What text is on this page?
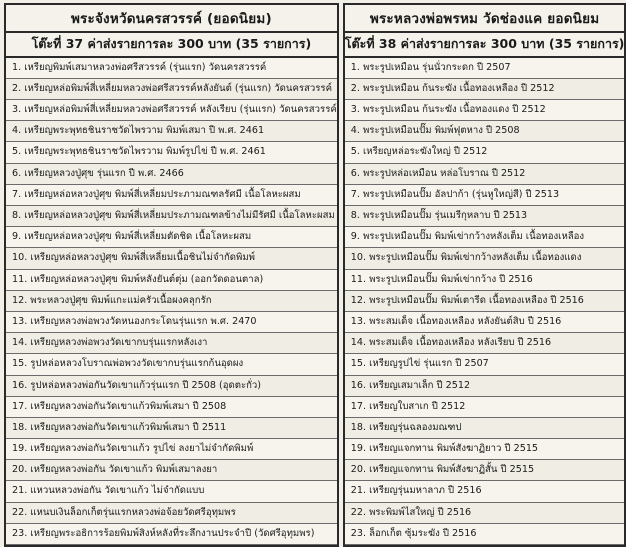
พระจังหวัดนครสวรรค์ (ยอดนิยม)
โต๊ะที่ 37 ค่าส่งรายการละ 300 บาท (35 รายการ)
1. เหรียญพิมพ์เสมาหลวงพ่อศรีสวรรค์ (รุ่นแรก) วัดนครสวรรค์
2. เหรียญหล่อพิมพ์สี่เหลี่ยมหลวงพ่อศรีสวรรค์หลังยันต์ (รุ่นแรก) วัดนครสวรรค์
3. เหรียญหล่อพิมพ์สี่เหลี่ยมหลวงพ่อศรีสวรรค์ หลังเรียบ (รุ่นแรก) วัดนครสวรรค์
4. เหรียญพระพุทธชินราชวัดไพรวาม พิมพ์เสมา ปี พ.ศ. 2461
5. เหรียญพระพุทธชินราชวัดไพรวาม พิมพ์รูปไข่ ปี พ.ศ. 2461
6. เหรียญหลวงปู่ศุข รุ่นแรก ปี พ.ศ. 2466
7. เหรียญหล่อหลวงปู่ศุข พิมพ์สี่เหลี่ยมประภามณฑลรัศมี เนื้อโลหะผสม
8. เหรียญหล่อหลวงปู่ศุข พิมพ์สี่เหลี่ยมประภามณฑลข้างไม่มีรัศมี เนื้อโลหะผสม
9. เหรียญหล่อหลวงปู่ศุข พิมพ์สี่เหลี่ยมตัดชิด เนื้อโลหะผสม
10. เหรียญหล่อหลวงปู่ศุข พิมพ์สี่เหลี่ยมเนื้อชินไม่จำกัดพิมพ์
11. เหรียญหล่อหลวงปู่ศุข พิมพ์หลังยันต์ตุ่ม (ออกวัดดอนตาล)
12. พระหลวงปู่ศุข พิมพ์แกะแม่ครัวเนื้อผงคลุกรัก
13. เหรียญหลวงพ่อพวงวัดหนองกระโดนรุ่นแรก พ.ศ. 2470
14. เหรียญหลวงพ่อพวงวัดเขากบรุ่นแรกหลังเงา
15. รูปหล่อหลวงโบราณพ่อพวงวัดเขากบรุ่นแรกก้นอุดผง
16. รูปหล่อหลวงพ่อกันวัดเขาแก้วรุ่นแรก ปี 2508 (อุดตะกั่ว)
17. เหรียญหลวงพ่อกันวัดเขาแก้วพิมพ์เสมา ปี 2508
18. เหรียญหลวงพ่อกันวัดเขาแก้วพิมพ์เสมา ปี 2511
19. เหรียญหลวงพ่อกันวัดเขาแก้ว รูปไข่ ลงยาไม่จำกัดพิมพ์
20. เหรียญหลวงพ่อกัน วัดเขาแก้ว พิมพ์เสมาลงยา
21. แหวนหลวงพ่อกัน วัดเขาแก้ว ไม่จำกัดแบบ
22. แหนบเงินล็อกเก็ตรุ่นแรกหลวงพ่อจ้อยวัดศรีอุทุมพร
23. เหรียญพระอธิการร้อยพิมพ์สิงห์หลังที่ระลึกงานประจำปี (วัดศรีอุทุมพร)
พระหลวงพ่อพรหม วัดช่องแค ยอดนิยม
โต๊ะที่ 38 ค่าส่งรายการละ 300 บาท (35 รายการ)
1. พระรูปเหมือน รุ่นนั่วกระดก ปี 2507
2. พระรูปเหมือน ก้นระฆัง เนื้อทองเหลือง ปี 2512
3. พระรูปเหมือน ก้นระฆัง เนื้อทองแดง ปี 2512
4. พระรูปเหมือนปั๊ม พิมพ์ฟุตหาง ปี 2508
5. เหรียญหล่อระฆังใหญ่ ปี 2512
6. พระรูปหล่อเหมือน หล่อโบราณ ปี 2512
7. พระรูปเหมือนปั๊ม อัลปาก้า (รุ่นหูใหญ่สี) ปี 2513
8. พระรูปเหมือนปั๊ม รุ่นเมรีกุหลาบ ปี 2513
9. พระรูปเหมือนปั๊ม พิมพ์เข่ากว้างหลังเต็ม เนื้อทองเหลือง
10. พระรูปเหมือนปั๊ม พิมพ์เข่ากว้างหลังเต็ม เนื้อทองแดง
11. พระรูปเหมือนปั๊ม พิมพ์เข่ากว้าง ปี 2516
12. พระรูปเหมือนปั๊ม พิมพ์เตารีด เนื้อทองเหลือง ปี 2516
13. พระสมเด็จ เนื้อทองเหลือง หลังยันต์สิบ ปี 2516
14. พระสมเด็จ เนื้อทองเหลือง หลังเรียบ ปี 2516
15. เหรียญรูปไข่ รุ่นแรก ปี 2507
16. เหรียญเสมาเล็ก ปี 2512
17. เหรียญใบสาเก ปี 2512
18. เหรียญรุ่นฉลองมณฑป
19. เหรียญแจกทาน พิมพ์สังฆาฏิยาว ปี 2515
20. เหรียญแจกทาน พิมพ์สังฆาฏิสั้น ปี 2515
21. เหรียญรุ่นมหาลาภ ปี 2516
22. พระพิมพ์ไสใหญ่ ปี 2516
23. ล็อกเก็ต ซุ้มระฆัง ปี 2516
